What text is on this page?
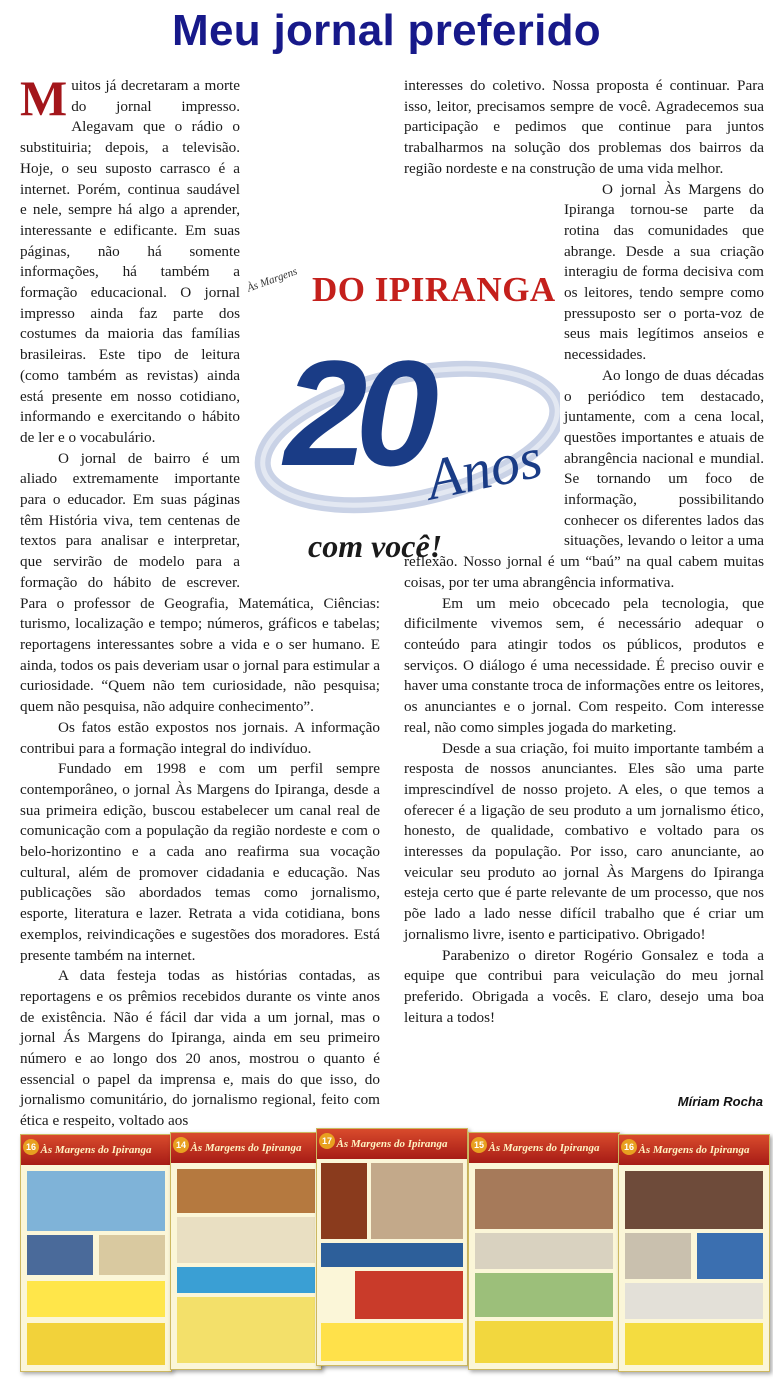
Meu jornal preferido
Às Margens DO IPIRANGA
20
Anos
com você!

Muitos já decretaram a morte do jornal impresso. Alegavam que o rádio o substituiria; depois, a televisão. Hoje, o seu suposto carrasco é a internet. Porém, continua saudável e nele, sempre há algo a aprender, interessante e edificante. Em suas páginas, não há somente informações, há também a formação educacional. O jornal impresso ainda faz parte dos costumes da maioria das famílias brasileiras. Este tipo de leitura (como também as revistas) ainda está presente em nosso cotidiano, informando e exercitando o hábito de ler e o vocabulário.

O jornal de bairro é um aliado extremamente importante para o educador. Em suas páginas têm História viva, tem centenas de textos para analisar e interpretar, que servirão de modelo para a formação do hábito de escrever. Para o professor de Geografia, Matemática, Ciências: turismo, localização e tempo; números, gráficos e tabelas; reportagens interessantes sobre a vida e o ser humano. E ainda, todos os pais deveriam usar o jornal para estimular a curiosidade. “Quem não tem curiosidade, não pesquisa; quem não pesquisa, não adquire conhecimento”.

Os fatos estão expostos nos jornais. A informação contribui para a formação integral do indivíduo.

Fundado em 1998 e com um perfil sempre contemporâneo, o jornal Às Margens do Ipiranga, desde a sua primeira edição, buscou estabelecer um canal real de comunicação com a população da região nordeste e com o belo-horizontino e a cada ano reafirma sua vocação cultural, além de promover cidadania e educação. Nas publicações são abordados temas como jornalismo, esporte, literatura e lazer. Retrata a vida cotidiana, bons exemplos, reivindicações e sugestões dos moradores. Está presente também na internet.

A data festeja todas as histórias contadas, as reportagens e os prêmios recebidos durante os vinte anos de existência. Não é fácil dar vida a um jornal, mas o jornal Ás Margens do Ipiranga, ainda em seu primeiro número e ao longo dos 20 anos, mostrou o quanto é essencial o papel da imprensa e, mais do que isso, do jornalismo comunitário, do jornalismo regional, feito com ética e respeito, voltado aos

interesses do coletivo. Nossa proposta é continuar. Para isso, leitor, precisamos sempre de você. Agradecemos sua participação e pedimos que continue para juntos trabalharmos na solução dos problemas dos bairros da região nordeste e na construção de uma vida melhor.

O jornal Às Margens do Ipiranga tornou-se parte da rotina das comunidades que abrange. Desde a sua criação interagiu de forma decisiva com os leitores, tendo sempre como pressuposto ser o porta-voz de seus mais legítimos anseios e necessidades.

Ao longo de duas décadas o periódico tem destacado, juntamente, com a cena local, questões importantes e atuais de abrangência nacional e mundial. Se tornando um foco de informação, possibilitando conhecer os diferentes lados das situações, levando o leitor a uma reflexão. Nosso jornal é um “baú” na qual cabem muitas coisas, por ter uma abrangência informativa.

Em um meio obcecado pela tecnologia, que dificilmente vivemos sem, é necessário adequar o conteúdo para atingir todos os públicos, produtos e serviços. O diálogo é uma necessidade. É preciso ouvir e haver uma constante troca de informações entre os leitores, os anunciantes e o jornal. Com respeito. Com interesse real, não como simples jogada do marketing.

Desde a sua criação, foi muito importante também a resposta de nossos anunciantes. Eles são uma parte imprescindível de nosso projeto. A eles, o que temos a oferecer é a ligação de seu produto a um jornalismo ético, honesto, de qualidade, combativo e voltado para os interesses da população. Por isso, caro anunciante, ao veicular seu produto ao jornal Às Margens do Ipiranga esteja certo que é parte relevante de um processo, que nos põe lado a lado nesse difícil trabalho que é criar um jornalismo livre, isento e participativo. Obrigado!

Parabenizo o diretor Rogério Gonsalez e toda a equipe que contribui para veiculação do meu jornal preferido. Obrigada a vocês. E claro, desejo uma boa leitura a todos!

Míriam Rocha
Às Margens do Ipiranga
16	Às Margens do Ipiranga
14	Às Margens do Ipiranga
17
Às Margens do Ipiranga
15	Às Margens do Ipiranga
16
